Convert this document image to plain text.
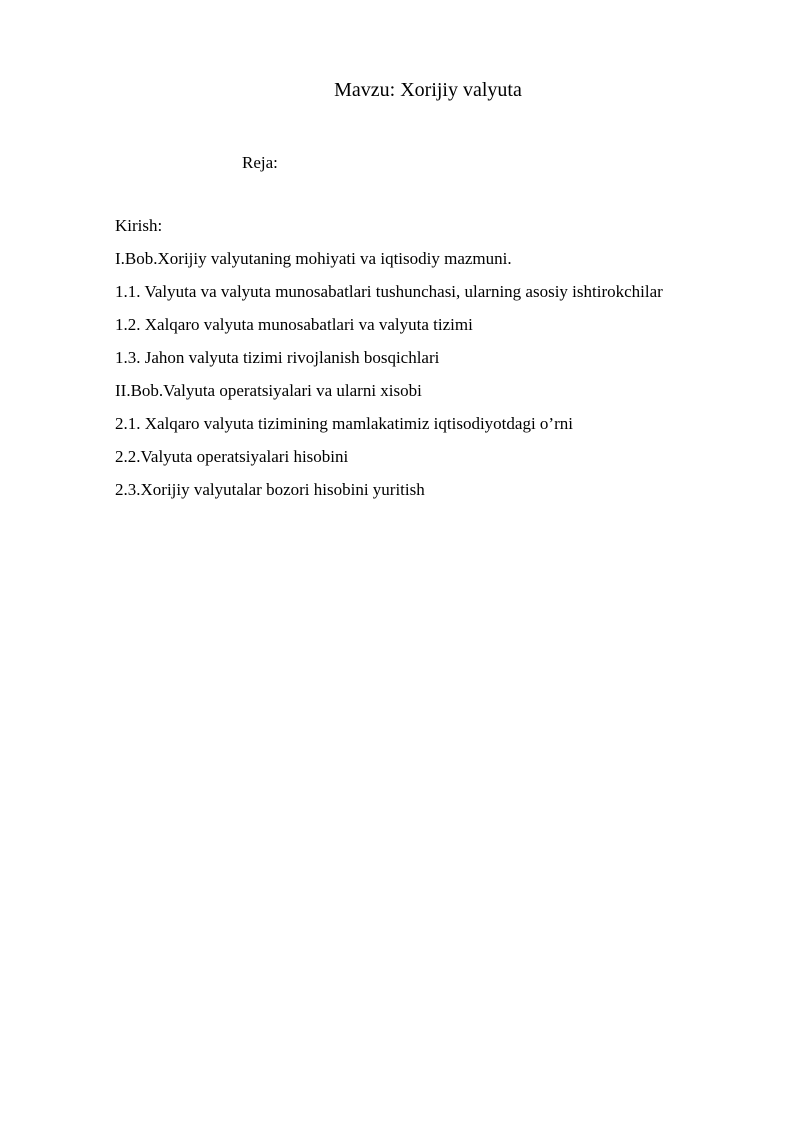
Mavzu: Xorijiy valyuta
Reja:
Kirish:
I.Bob.Xorijiy valyutaning mohiyati va iqtisodiy mazmuni.
1.1. Valyuta va valyuta munosabatlari tushunchasi, ularning asosiy ishtirokchilar
1.2. Xalqaro valyuta munosabatlari va valyuta tizimi
1.3. Jahon valyuta tizimi rivojlanish bosqichlari
II.Bob.Valyuta operatsiyalari va ularni xisobi
2.1. Xalqaro valyuta tizimining mamlakatimiz iqtisodiyotdagi o’rni
2.2.Valyuta operatsiyalari hisobini
2.3.Xorijiy valyutalar bozori hisobini yuritish
